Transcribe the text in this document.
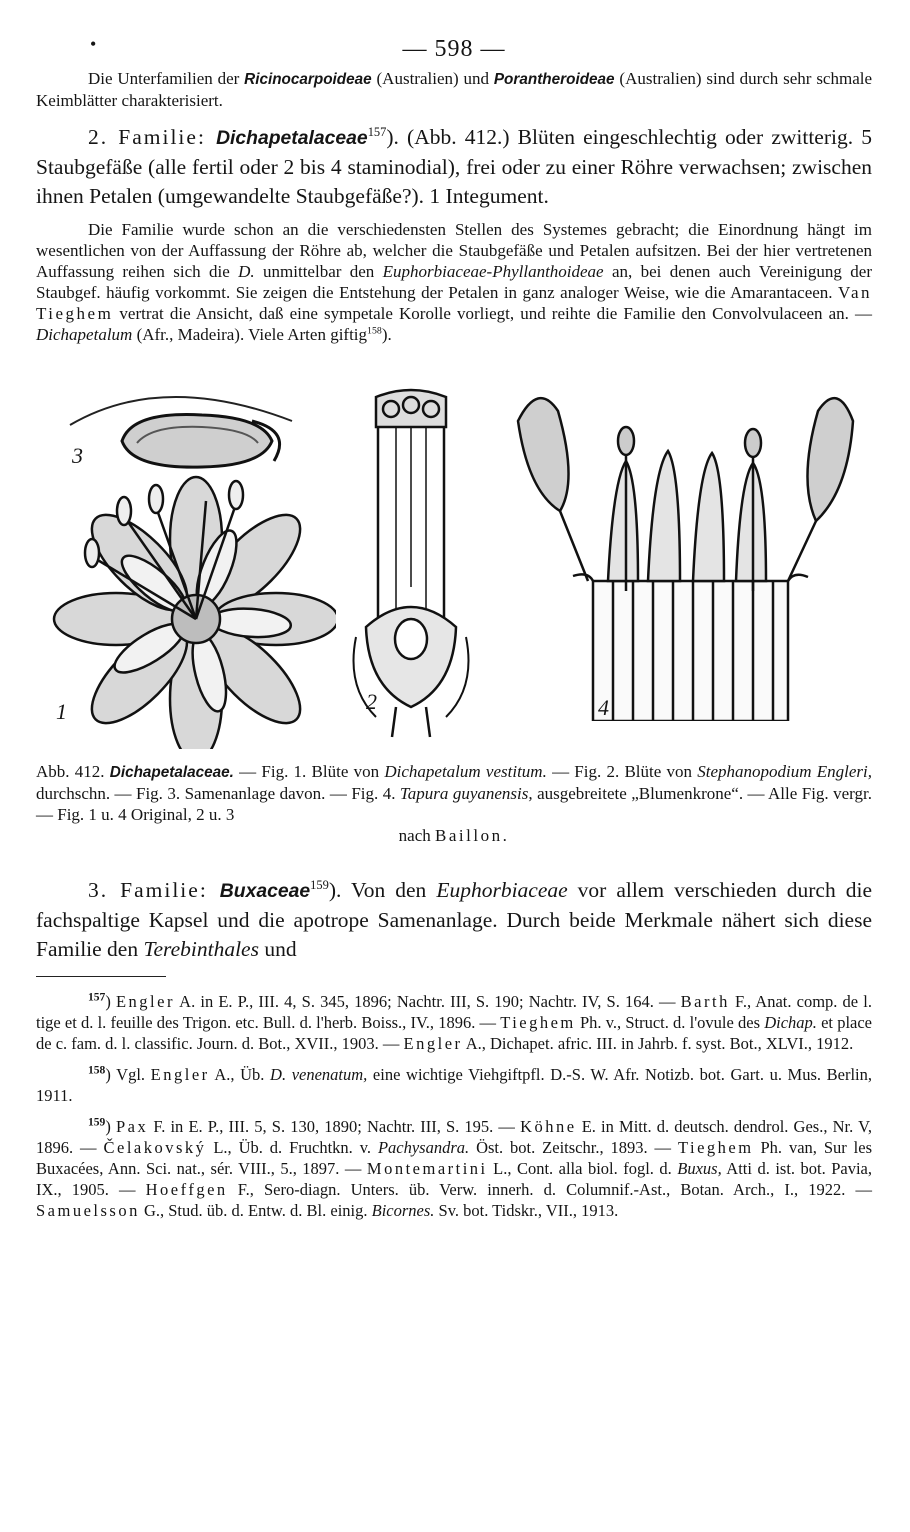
•	— 598 —

Die Unterfamilien der Ricinocarpoideae (Australien) und Porantheroideae (Australien) sind durch sehr schmale Keimblätter charakterisiert.

2. Familie: Dichapetalaceae$^{157}$). (Abb. 412.) Blüten eingeschlechtig oder zwitterig. 5 Staubgefäße (alle fertil oder 2 bis 4 staminodial), frei oder zu einer Röhre verwachsen; zwischen ihnen Petalen (umgewandelte Staubgefäße?). 1 Integument.

Die Familie wurde schon an die verschiedensten Stellen des Systemes gebracht; die Einordnung hängt im wesentlichen von der Auffassung der Röhre ab, welcher die Staubgefäße und Petalen aufsitzen. Bei der hier vertretenen Auffassung reihen sich die D. unmittelbar den Euphorbiaceae-Phyllanthoideae an, bei denen auch Vereinigung der Staubgef. häufig vorkommt. Sie zeigen die Entstehung der Petalen in ganz analoger Weise, wie die Amarantaceen. Van Tieghem vertrat die Ansicht, daß eine sympetale Korolle vorliegt, und reihte die Familie den Convolvulaceen an. — Dichapetalum (Afr., Madeira). Viele Arten giftig$^{158}$).

3
1	2	4

Abb. 412. Dichapetalaceae. — Fig. 1. Blüte von Dichapetalum vestitum. — Fig. 2. Blüte von Stephanopodium Engleri, durchschn. — Fig. 3. Samenanlage davon. — Fig. 4. Tapura guyanensis, ausgebreitete „Blumenkrone“. — Alle Fig. vergr. — Fig. 1 u. 4 Original, 2 u. 3

nach Baillon.

3. Familie: Buxaceae$^{159}$). Von den Euphorbiaceae vor allem verschieden durch die fachspaltige Kapsel und die apotrope Samenanlage. Durch beide Merkmale nähert sich diese Familie den Terebinthales und

$^{157}$) Engler A. in E. P., III. 4, S. 345, 1896; Nachtr. III, S. 190; Nachtr. IV, S. 164. — Barth F., Anat. comp. de l. tige et d. l. feuille des Trigon. etc. Bull. d. l'herb. Boiss., IV., 1896. — Tieghem Ph. v., Struct. d. l'ovule des Dichap. et place de c. fam. d. l. classific. Journ. d. Bot., XVII., 1903. — Engler A., Dichapet. afric. III. in Jahrb. f. syst. Bot., XLVI., 1912.

$^{158}$) Vgl. Engler A., Üb. D. venenatum, eine wichtige Viehgiftpfl. D.-S. W. Afr. Notizb. bot. Gart. u. Mus. Berlin, 1911.

$^{159}$) Pax F. in E. P., III. 5, S. 130, 1890; Nachtr. III, S. 195. — Köhne E. in Mitt. d. deutsch. dendrol. Ges., Nr. V, 1896. — Čelakovský L., Üb. d. Fruchtkn. v. Pachysandra. Öst. bot. Zeitschr., 1893. — Tieghem Ph. van, Sur les Buxacées, Ann. Sci. nat., sér. VIII., 5., 1897. — Montemartini L., Cont. alla biol. fogl. d. Buxus, Atti d. ist. bot. Pavia, IX., 1905. — Hoeffgen F., Sero-diagn. Unters. üb. Verw. innerh. d. Columnif.-Ast., Botan. Arch., I., 1922. — Samuelsson G., Stud. üb. d. Entw. d. Bl. einig. Bicornes. Sv. bot. Tidskr., VII., 1913.
